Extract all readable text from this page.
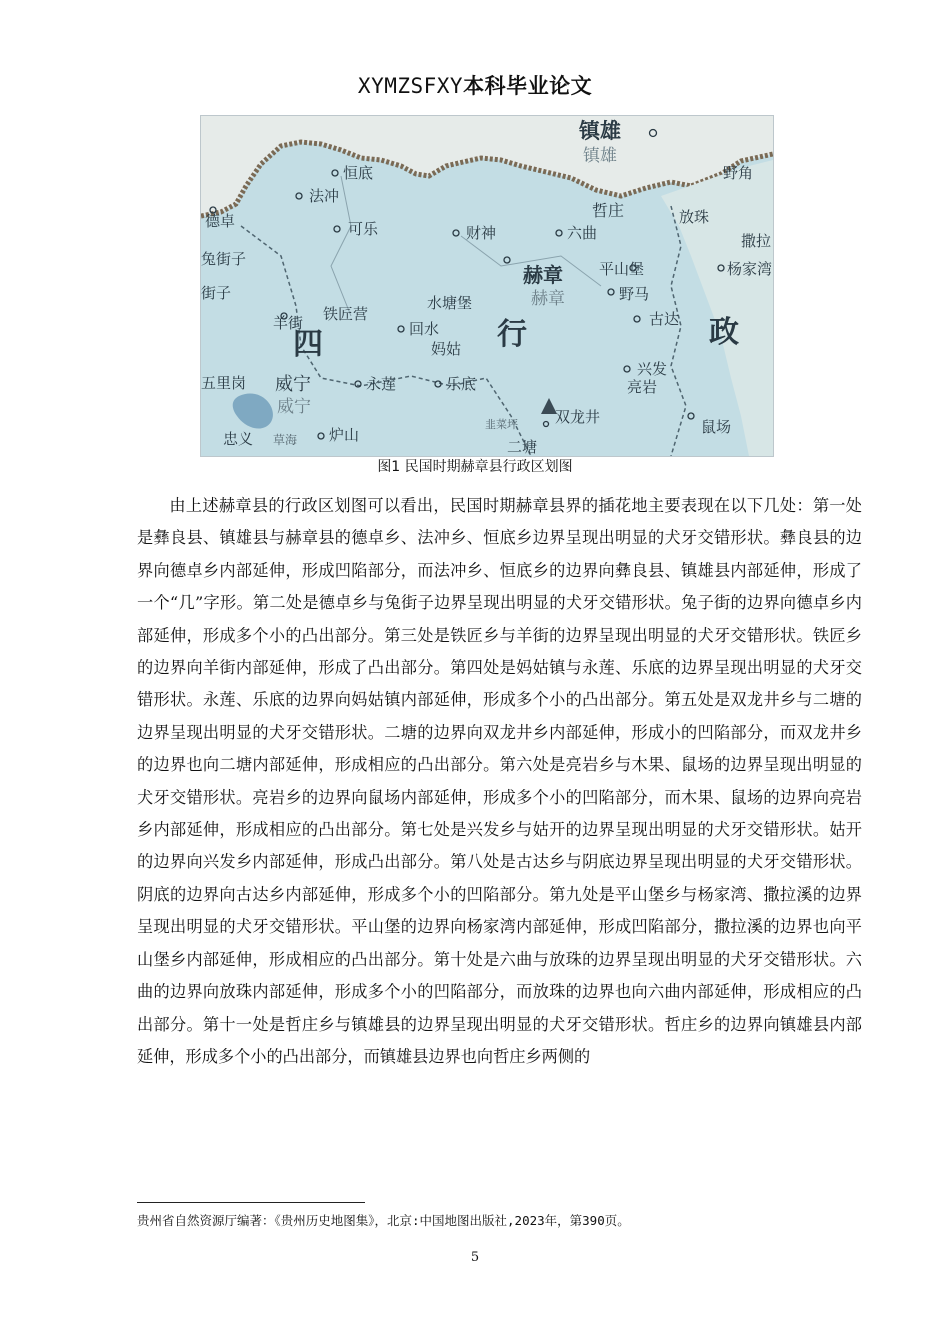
XYMZSFXY本科毕业论文
镇雄
镇雄
恒底
法冲
野角
哲庄	放珠
德卓	可乐	财神	六曲	撒拉
兔街子
杨家湾
赫章 平山堡
赫章	野马
街子
水塘堡
羊街 铁匠营	古达
回水 行
四	政
妈姑
兴发
五里岗 威宁	永莲	乐底	亮岩
威宁	双龙井
韭菜坪
忠义 草海 炉山	鼠场
二塘
图1 民国时期赫章县行政区划图

由上述赫章县的行政区划图可以看出，民国时期赫章县界的插花地主要表现在以下几处：第一处是彝良县、镇雄县与赫章县的德卓乡、法冲乡、恒底乡边界呈现出明显的犬牙交错形状。彝良县的边界向德卓乡内部延伸，形成凹陷部分，而法冲乡、恒底乡的边界向彝良县、镇雄县内部延伸，形成了一个“几”字形。第二处是德卓乡与兔街子边界呈现出明显的犬牙交错形状。兔子街的边界向德卓乡内部延伸，形成多个小的凸出部分。第三处是铁匠乡与羊街的边界呈现出明显的犬牙交错形状。铁匠乡的边界向羊街内部延伸，形成了凸出部分。第四处是妈姑镇与永莲、乐底的边界呈现出明显的犬牙交错形状。永莲、乐底的边界向妈姑镇内部延伸，形成多个小的凸出部分。第五处是双龙井乡与二塘的边界呈现出明显的犬牙交错形状。二塘的边界向双龙井乡内部延伸，形成小的凹陷部分，而双龙井乡的边界也向二塘内部延伸，形成相应的凸出部分。第六处是亮岩乡与木果、鼠场的边界呈现出明显的犬牙交错形状。亮岩乡的边界向鼠场内部延伸，形成多个小的凹陷部分，而木果、鼠场的边界向亮岩乡内部延伸，形成相应的凸出部分。第七处是兴发乡与姑开的边界呈现出明显的犬牙交错形状。姑开的边界向兴发乡内部延伸，形成凸出部分。第八处是古达乡与阴底边界呈现出明显的犬牙交错形状。阴底的边界向古达乡内部延伸，形成多个小的凹陷部分。第九处是平山堡乡与杨家湾、撒拉溪的边界呈现出明显的犬牙交错形状。平山堡的边界向杨家湾内部延伸，形成凹陷部分，撒拉溪的边界也向平山堡乡内部延伸，形成相应的凸出部分。第十处是六曲与放珠的边界呈现出明显的犬牙交错形状。六曲的边界向放珠内部延伸，形成多个小的凹陷部分，而放珠的边界也向六曲内部延伸，形成相应的凸出部分。第十一处是哲庄乡与镇雄县的边界呈现出明显的犬牙交错形状。哲庄乡的边界向镇雄县内部延伸，形成多个小的凸出部分，而镇雄县边界也向哲庄乡两侧的

贵州省自然资源厅编著：《贵州历史地图集》，北京:中国地图出版社,2023年，第390页。
5
